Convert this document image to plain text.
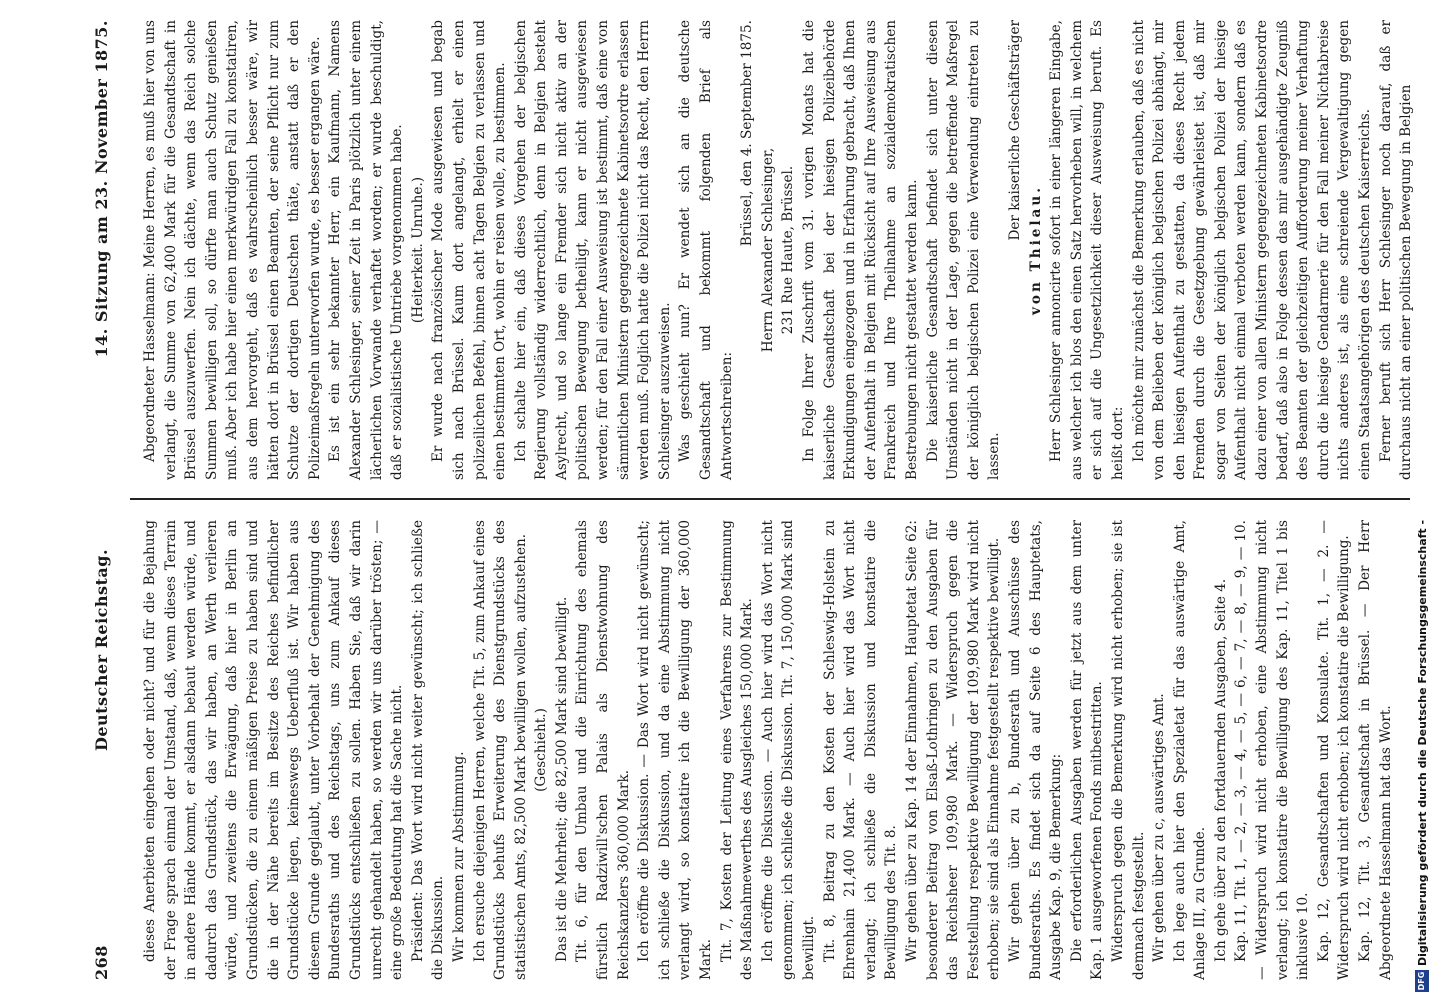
268
Deutscher Reichstag.
14. Sitzung am 23. November 1875.

dieses Anerbieten eingehen oder nicht? und für die Bejahung der Frage sprach einmal der Umstand, daß, wenn dieses Terrain in andere Hände kommt, er alsdann bebaut werden würde, und dadurch das Grundstück, das wir haben, an Werth verlieren würde, und zweitens die Erwägung, daß hier in Berlin an Grundstücken, die zu einem mäßigen Preise zu haben sind und die in der Nähe bereits im Besitze des Reiches befindlicher Grundstücke liegen, keineswegs Ueberfluß ist. Wir haben aus diesem Grunde geglaubt, unter Vorbehalt der Genehmigung des Bundesraths und des Reichstags, uns zum Ankauf dieses Grundstücks entschließen zu sollen. Haben Sie, daß wir darin unrecht gehandelt haben, so werden wir uns darüber trösten; — eine große Bedeutung hat die Sache nicht. Präsident: Das Wort wird nicht weiter gewünscht; ich schließe die Diskussion. Wir kommen zur Abstimmung. Ich ersuche diejenigen Herren, welche Tit. 5, zum Ankauf eines Grundstücks behufs Erweiterung des Dienstgrundstücks des statistischen Amts, 82,500 Mark bewilligen wollen, aufzustehen. (Geschieht.) Das ist die Mehrheit; die 82,500 Mark sind bewilligt. Tit. 6, für den Umbau und die Einrichtung des ehemals fürstlich Radziwill'schen Palais als Dienstwohnung des Reichskanzlers 360,000 Mark. Ich eröffne die Diskussion. — Das Wort wird nicht gewünscht; ich schließe die Diskussion, und da eine Abstimmung nicht verlangt wird, so konstatire ich die Bewilligung der 360,000 Mark. Tit. 7, Kosten der Leitung eines Verfahrens zur Bestimmung des Maßnahmewerthes des Ausgleiches 150,000 Mark. Ich eröffne die Diskussion. — Auch hier wird das Wort nicht genommen; ich schließe die Diskussion. Tit. 7, 150,000 Mark sind bewilligt. Tit. 8, Beitrag zu den Kosten der Schleswig-Holstein zu Ehrenhain 21,400 Mark. — Auch hier wird das Wort nicht verlangt; ich schließe die Diskussion und konstatire die Bewilligung des Tit. 8. Wir gehen über zu Kap. 14 der Einnahmen, Hauptetat Seite 62: besonderer Beitrag von Elsaß-Lothringen zu den Ausgaben für das Reichsheer 109,980 Mark. — Widerspruch gegen die Feststellung respektive Bewilligung der 109,980 Mark wird nicht erhoben; sie sind als Einnahme festgestellt respektive bewilligt. Wir gehen über zu b, Bundesrath und Ausschüsse des Bundesraths. Es findet sich da auf Seite 6 des Hauptetats, Ausgabe Kap. 9, die Bemerkung: Die erforderlichen Ausgaben werden für jetzt aus dem unter Kap. 1 ausgeworfenen Fonds mitbestritten. Widerspruch gegen die Bemerkung wird nicht erhoben; sie ist demnach festgestellt. Wir gehen über zu c, auswärtiges Amt. Ich lege auch hier den Spezialetat für das auswärtige Amt, Anlage III, zu Grunde. Ich gehe über zu den fortdauernden Ausgaben, Seite 4. Kap. 11, Tit. 1, — 2, — 3, — 4, — 5, — 6, — 7, — 8, — 9, — 10. — Widerspruch wird nicht erhoben, eine Abstimmung nicht verlangt; ich konstatire die Bewilligung des Kap. 11, Titel 1 bis inklusive 10. Kap. 12, Gesandtschaften und Konsulate. Tit. 1, — 2. — Widerspruch wird nicht erhoben; ich konstatire die Bewilligung. Kap. 12, Tit. 3, Gesandtschaft in Brüssel. — Der Herr Abgeordnete Hasselmann hat das Wort.

Abgeordneter Hasselmann: Meine Herren, es muß hier von uns verlangt, die Summe von 62,400 Mark für die Gesandtschaft in Brüssel auszuwerfen. Nein ich dächte, wenn das Reich solche Summen bewilligen soll, so dürfte man auch Schutz genießen muß. Aber ich habe hier einen merkwürdigen Fall zu konstatiren, aus dem hervorgeht, daß es wahrscheinlich besser wäre, wir hätten dort in Brüssel einen Beamten, der seine Pflicht nur zum Schutze der dortigen Deutschen thäte, anstatt daß er den Polizeimaßregeln unterworfen wurde, es besser ergangen wäre. Es ist ein sehr bekannter Herr, ein Kaufmann, Namens Alexander Schlesinger, seiner Zeit in Paris plötzlich unter einem lächerlichen Vorwande verhaftet worden; er wurde beschuldigt, daß er sozialistische Umtriebe vorgenommen habe. (Heiterkeit. Unruhe.) Er wurde nach französischer Mode ausgewiesen und begab sich nach Brüssel. Kaum dort angelangt, erhielt er einen polizeilichen Befehl, binnen acht Tagen Belgien zu verlassen und einen bestimmten Ort, wohin er reisen wolle, zu bestimmen. Ich schalte hier ein, daß dieses Vorgehen der belgischen Regierung vollständig widerrechtlich, denn in Belgien besteht Asylrecht, und so lange ein Fremder sich nicht aktiv an der politischen Bewegung betheiligt, kann er nicht ausgewiesen werden; für den Fall einer Ausweisung ist bestimmt, daß eine von sämmtlichen Ministern gegengezeichnete Kabinetsordre erlassen werden muß. Folglich hatte die Polizei nicht das Recht, den Herrn Schlesinger auszuweisen. Was geschieht nun? Er wendet sich an die deutsche Gesandtschaft und bekommt folgenden Brief als Antwortschreiben:

Brüssel, den 4. September 1875.

Herrn Alexander Schlesinger, 231 Rue Haute, Brüssel. In Folge Ihrer Zuschrift vom 31. vorigen Monats hat die kaiserliche Gesandtschaft bei der hiesigen Polizeibehörde Erkundigungen eingezogen und in Erfahrung gebracht, daß Ihnen der Aufenthalt in Belgien mit Rücksicht auf Ihre Ausweisung aus Frankreich und Ihre Theilnahme an sozialdemokratischen Bestrebungen nicht gestattet werden kann. Die kaiserliche Gesandtschaft befindet sich unter diesen Umständen nicht in der Lage, gegen die betreffende Maßregel der königlich belgischen Polizei eine Verwendung eintreten zu lassen.

Der kaiserliche Geschäftsträger

von Thielau. Herr Schlesinger annoncirte sofort in einer längeren Eingabe, aus welcher ich blos den einen Satz hervorheben will, in welchem er sich auf die Ungesetzlichkeit dieser Ausweisung beruft. Es heißt dort: Ich möchte mir zunächst die Bemerkung erlauben, daß es nicht von dem Belieben der königlich belgischen Polizei abhängt, mir den hiesigen Aufenthalt zu gestatten, da dieses Recht jedem Fremden durch die Gesetzgebung gewährleistet ist, daß mir sogar von Seiten der königlich belgischen Polizei der hiesige Aufenthalt nicht einmal verboten werden kann, sondern daß es dazu einer von allen Ministern gegengezeichneten Kabinetsordre bedarf, daß also in Folge dessen das mir ausgehändigte Zeugniß des Beamten der gleichzeitigen Aufforderung meiner Verhaftung durch die hiesige Gendarmerie für den Fall meiner Nichtabreise nichts anderes ist, als eine schreiende Vergewaltigung gegen einen Staatsangehörigen des deutschen Kaiserreichs. Ferner beruft sich Herr Schlesinger noch darauf, daß er durchaus nicht an einer politischen Bewegung in Belgien

DFG
Digitalisierung gefördert durch die Deutsche Forschungsgemeinschaft -
